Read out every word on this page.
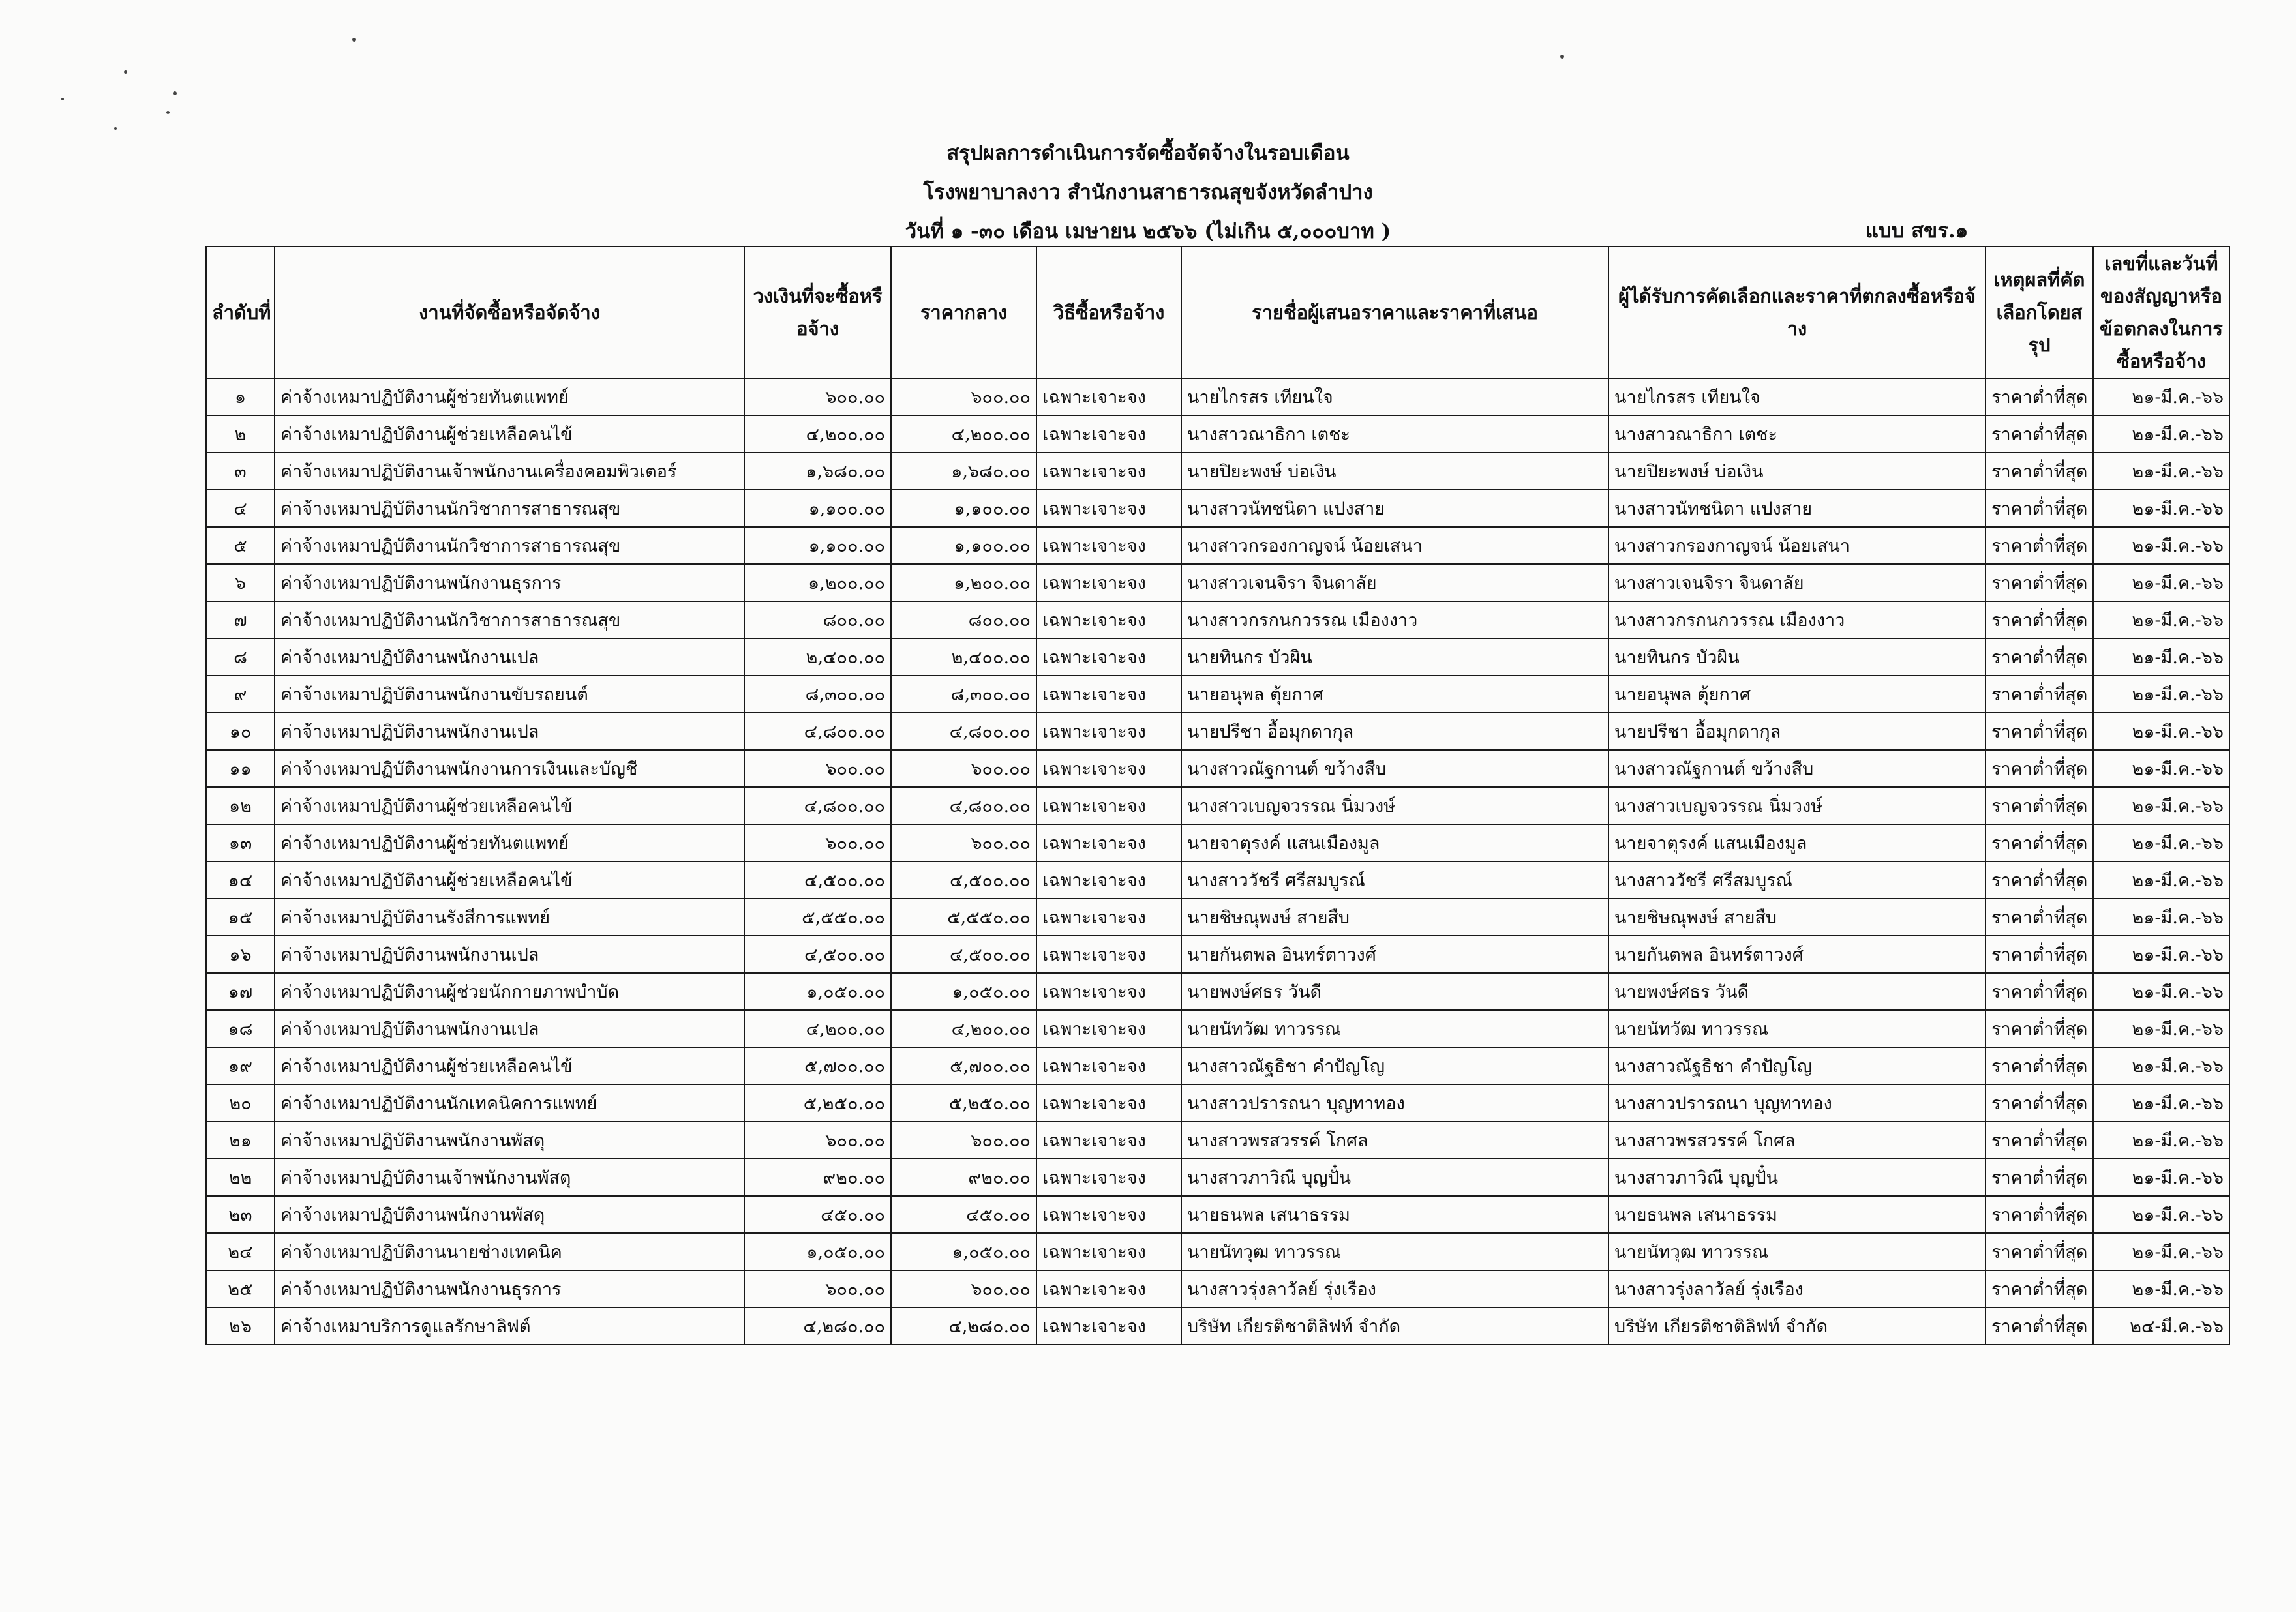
สรุปผลการดำเนินการจัดซื้อจัดจ้างในรอบเดือน
โรงพยาบาลงาว สำนักงานสาธารณสุขจังหวัดลำปาง
วันที่ ๑ -๓๐ เดือน เมษายน ๒๕๖๖ (ไม่เกิน ๕,๐๐๐บาท )	แบบ สขร.๑
ลำดับที่	งานที่จัดซื้อหรือจัดจ้าง	วงเงินที่จะซื้อหรือจ้าง	ราคากลาง	วิธีซื้อหรือจ้าง	รายชื่อผู้เสนอราคาและราคาที่เสนอ	ผู้ได้รับการคัดเลือกและราคาที่ตกลงซื้อหรือจ้าง	เหตุผลที่คัดเลือกโดยสรุป	เลขที่และวันที่ของสัญญาหรือข้อตกลงในการซื้อหรือจ้าง
๑	ค่าจ้างเหมาปฏิบัติงานผู้ช่วยทันตแพทย์	๖๐๐.๐๐	๖๐๐.๐๐	เฉพาะเจาะจง	นายไกรสร เทียนใจ	นายไกรสร เทียนใจ	ราคาต่ำที่สุด	๒๑-มี.ค.-๖๖
๒	ค่าจ้างเหมาปฏิบัติงานผู้ช่วยเหลือคนไข้	๔,๒๐๐.๐๐	๔,๒๐๐.๐๐	เฉพาะเจาะจง	นางสาวณาธิกา เตชะ	นางสาวณาธิกา เตชะ	ราคาต่ำที่สุด	๒๑-มี.ค.-๖๖
๓	ค่าจ้างเหมาปฏิบัติงานเจ้าพนักงานเครื่องคอมพิวเตอร์	๑,๖๘๐.๐๐	๑,๖๘๐.๐๐	เฉพาะเจาะจง	นายปิยะพงษ์ บ่อเงิน	นายปิยะพงษ์ บ่อเงิน	ราคาต่ำที่สุด	๒๑-มี.ค.-๖๖
๔	ค่าจ้างเหมาปฏิบัติงานนักวิชาการสาธารณสุข	๑,๑๐๐.๐๐	๑,๑๐๐.๐๐	เฉพาะเจาะจง	นางสาวนัทชนิดา แปงสาย	นางสาวนัทชนิดา แปงสาย	ราคาต่ำที่สุด	๒๑-มี.ค.-๖๖
๕	ค่าจ้างเหมาปฏิบัติงานนักวิชาการสาธารณสุข	๑,๑๐๐.๐๐	๑,๑๐๐.๐๐	เฉพาะเจาะจง	นางสาวกรองกาญจน์ น้อยเสนา	นางสาวกรองกาญจน์ น้อยเสนา	ราคาต่ำที่สุด	๒๑-มี.ค.-๖๖
๖	ค่าจ้างเหมาปฏิบัติงานพนักงานธุรการ	๑,๒๐๐.๐๐	๑,๒๐๐.๐๐	เฉพาะเจาะจง	นางสาวเจนจิรา จินดาลัย	นางสาวเจนจิรา จินดาลัย	ราคาต่ำที่สุด	๒๑-มี.ค.-๖๖
๗	ค่าจ้างเหมาปฏิบัติงานนักวิชาการสาธารณสุข	๘๐๐.๐๐	๘๐๐.๐๐	เฉพาะเจาะจง	นางสาวกรกนกวรรณ เมืองงาว	นางสาวกรกนกวรรณ เมืองงาว	ราคาต่ำที่สุด	๒๑-มี.ค.-๖๖
๘	ค่าจ้างเหมาปฏิบัติงานพนักงานเปล	๒,๔๐๐.๐๐	๒,๔๐๐.๐๐	เฉพาะเจาะจง	นายทินกร บัวผิน	นายทินกร บัวผิน	ราคาต่ำที่สุด	๒๑-มี.ค.-๖๖
๙	ค่าจ้างเหมาปฏิบัติงานพนักงานขับรถยนต์	๘,๓๐๐.๐๐	๘,๓๐๐.๐๐	เฉพาะเจาะจง	นายอนุพล ตุ้ยกาศ	นายอนุพล ตุ้ยกาศ	ราคาต่ำที่สุด	๒๑-มี.ค.-๖๖
๑๐	ค่าจ้างเหมาปฏิบัติงานพนักงานเปล	๔,๘๐๐.๐๐	๔,๘๐๐.๐๐	เฉพาะเจาะจง	นายปรีชา อื้อมุกดากุล	นายปรีชา อื้อมุกดากุล	ราคาต่ำที่สุด	๒๑-มี.ค.-๖๖
๑๑	ค่าจ้างเหมาปฏิบัติงานพนักงานการเงินและบัญชี	๖๐๐.๐๐	๖๐๐.๐๐	เฉพาะเจาะจง	นางสาวณัฐกานต์ ขว้างสืบ	นางสาวณัฐกานต์ ขว้างสืบ	ราคาต่ำที่สุด	๒๑-มี.ค.-๖๖
๑๒	ค่าจ้างเหมาปฏิบัติงานผู้ช่วยเหลือคนไข้	๔,๘๐๐.๐๐	๔,๘๐๐.๐๐	เฉพาะเจาะจง	นางสาวเบญจวรรณ นิ่มวงษ์	นางสาวเบญจวรรณ นิ่มวงษ์	ราคาต่ำที่สุด	๒๑-มี.ค.-๖๖
๑๓	ค่าจ้างเหมาปฏิบัติงานผู้ช่วยทันตแพทย์	๖๐๐.๐๐	๖๐๐.๐๐	เฉพาะเจาะจง	นายจาตุรงค์ แสนเมืองมูล	นายจาตุรงค์ แสนเมืองมูล	ราคาต่ำที่สุด	๒๑-มี.ค.-๖๖
๑๔	ค่าจ้างเหมาปฏิบัติงานผู้ช่วยเหลือคนไข้	๔,๕๐๐.๐๐	๔,๕๐๐.๐๐	เฉพาะเจาะจง	นางสาววัชรี ศรีสมบูรณ์	นางสาววัชรี ศรีสมบูรณ์	ราคาต่ำที่สุด	๒๑-มี.ค.-๖๖
๑๕	ค่าจ้างเหมาปฏิบัติงานรังสีการแพทย์	๕,๕๕๐.๐๐	๕,๕๕๐.๐๐	เฉพาะเจาะจง	นายชิษณุพงษ์ สายสืบ	นายชิษณุพงษ์ สายสืบ	ราคาต่ำที่สุด	๒๑-มี.ค.-๖๖
๑๖	ค่าจ้างเหมาปฏิบัติงานพนักงานเปล	๔,๕๐๐.๐๐	๔,๕๐๐.๐๐	เฉพาะเจาะจง	นายกันตพล อินทร์ตาวงศ์	นายกันตพล อินทร์ตาวงศ์	ราคาต่ำที่สุด	๒๑-มี.ค.-๖๖
๑๗	ค่าจ้างเหมาปฏิบัติงานผู้ช่วยนักกายภาพบำบัด	๑,๐๕๐.๐๐	๑,๐๕๐.๐๐	เฉพาะเจาะจง	นายพงษ์ศธร วันดี	นายพงษ์ศธร วันดี	ราคาต่ำที่สุด	๒๑-มี.ค.-๖๖
๑๘	ค่าจ้างเหมาปฏิบัติงานพนักงานเปล	๔,๒๐๐.๐๐	๔,๒๐๐.๐๐	เฉพาะเจาะจง	นายนัทวัฒ ทาวรรณ	นายนัทวัฒ ทาวรรณ	ราคาต่ำที่สุด	๒๑-มี.ค.-๖๖
๑๙	ค่าจ้างเหมาปฏิบัติงานผู้ช่วยเหลือคนไข้	๕,๗๐๐.๐๐	๕,๗๐๐.๐๐	เฉพาะเจาะจง	นางสาวณัฐธิชา คำปัญโญ	นางสาวณัฐธิชา คำปัญโญ	ราคาต่ำที่สุด	๒๑-มี.ค.-๖๖
๒๐	ค่าจ้างเหมาปฏิบัติงานนักเทคนิคการแพทย์	๕,๒๕๐.๐๐	๕,๒๕๐.๐๐	เฉพาะเจาะจง	นางสาวปรารถนา บุญทาทอง	นางสาวปรารถนา บุญทาทอง	ราคาต่ำที่สุด	๒๑-มี.ค.-๖๖
๒๑	ค่าจ้างเหมาปฏิบัติงานพนักงานพัสดุ	๖๐๐.๐๐	๖๐๐.๐๐	เฉพาะเจาะจง	นางสาวพรสวรรค์ โกศล	นางสาวพรสวรรค์ โกศล	ราคาต่ำที่สุด	๒๑-มี.ค.-๖๖
๒๒	ค่าจ้างเหมาปฏิบัติงานเจ้าพนักงานพัสดุ	๙๒๐.๐๐	๙๒๐.๐๐	เฉพาะเจาะจง	นางสาวภาวิณี บุญปั๋น	นางสาวภาวิณี บุญปั๋น	ราคาต่ำที่สุด	๒๑-มี.ค.-๖๖
๒๓	ค่าจ้างเหมาปฏิบัติงานพนักงานพัสดุ	๔๕๐.๐๐	๔๕๐.๐๐	เฉพาะเจาะจง	นายธนพล เสนาธรรม	นายธนพล เสนาธรรม	ราคาต่ำที่สุด	๒๑-มี.ค.-๖๖
๒๔	ค่าจ้างเหมาปฏิบัติงานนายช่างเทคนิค	๑,๐๕๐.๐๐	๑,๐๕๐.๐๐	เฉพาะเจาะจง	นายนัทวุฒ ทาวรรณ	นายนัทวุฒ ทาวรรณ	ราคาต่ำที่สุด	๒๑-มี.ค.-๖๖
๒๕	ค่าจ้างเหมาปฏิบัติงานพนักงานธุรการ	๖๐๐.๐๐	๖๐๐.๐๐	เฉพาะเจาะจง	นางสาวรุ่งลาวัลย์ รุ่งเรือง	นางสาวรุ่งลาวัลย์ รุ่งเรือง	ราคาต่ำที่สุด	๒๑-มี.ค.-๖๖
๒๖	ค่าจ้างเหมาบริการดูแลรักษาลิฟต์	๔,๒๘๐.๐๐	๔,๒๘๐.๐๐	เฉพาะเจาะจง	บริษัท เกียรติชาติลิฟท์ จำกัด	บริษัท เกียรติชาติลิฟท์ จำกัด	ราคาต่ำที่สุด	๒๔-มี.ค.-๖๖
